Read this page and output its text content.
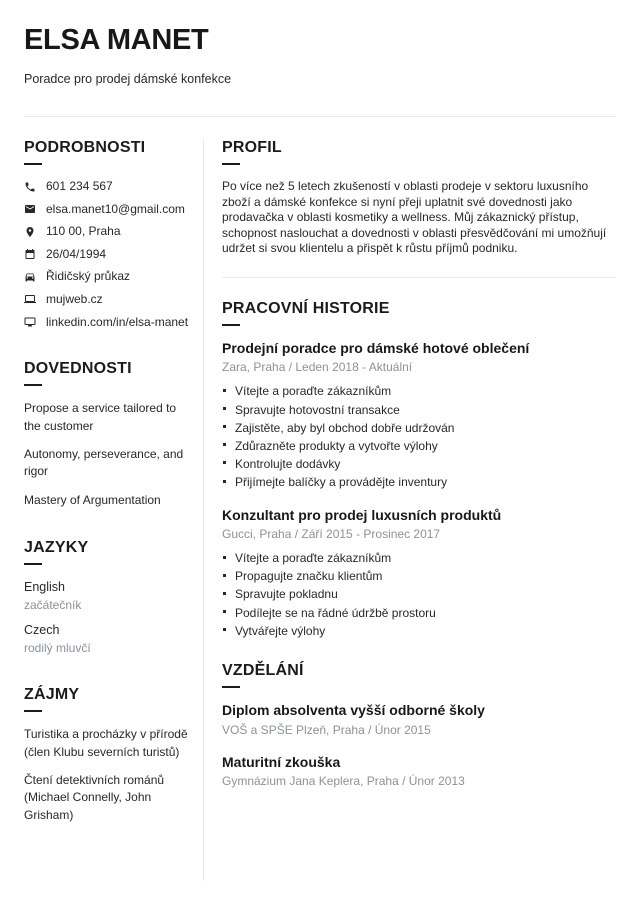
ELSA MANET
Poradce pro prodej dámské konfekce
PODROBNOSTI
601 234 567
elsa.manet10@gmail.com
110 00, Praha
26/04/1994
Řidičský průkaz
mujweb.cz
linkedin.com/in/elsa-manet
DOVEDNOSTI
Propose a service tailored to the customer
Autonomy, perseverance, and rigor
Mastery of Argumentation
JAZYKY
English
začátečník
Czech
rodilý mluvčí
ZÁJMY
Turistika a procházky v přírodě (člen Klubu severních turistů)
Čtení detektivních románů (Michael Connelly, John Grisham)
PROFIL

Po více než 5 letech zkušeností v oblasti prodeje v sektoru luxusního zboží a dámské konfekce si nyní přeji uplatnit své dovednosti jako prodavačka v oblasti kosmetiky a wellness. Můj zákaznický přístup, schopnost naslouchat a dovednosti v oblasti přesvědčování mi umožňují udržet si svou klientelu a přispět k růstu příjmů podniku.

PRACOVNÍ HISTORIE
Prodejní poradce pro dámské hotové oblečení
Zara, Praha / Leden 2018 - Aktuální
Vítejte a poraďte zákazníkům
Spravujte hotovostní transakce
Zajistěte, aby byl obchod dobře udržován
Zdůrazněte produkty a vytvořte výlohy
Kontrolujte dodávky
Přijímejte balíčky a provádějte inventury
Konzultant pro prodej luxusních produktů
Gucci, Praha / Září 2015 - Prosinec 2017
Vítejte a poraďte zákazníkům
Propagujte značku klientům
Spravujte pokladnu
Podílejte se na řádné údržbě prostoru
Vytvářejte výlohy
VZDĚLÁNÍ
Diplom absolventa vyšší odborné školy
VOŠ a SPŠE Plzeň, Praha / Únor 2015
Maturitní zkouška
Gymnázium Jana Keplera, Praha / Únor 2013
